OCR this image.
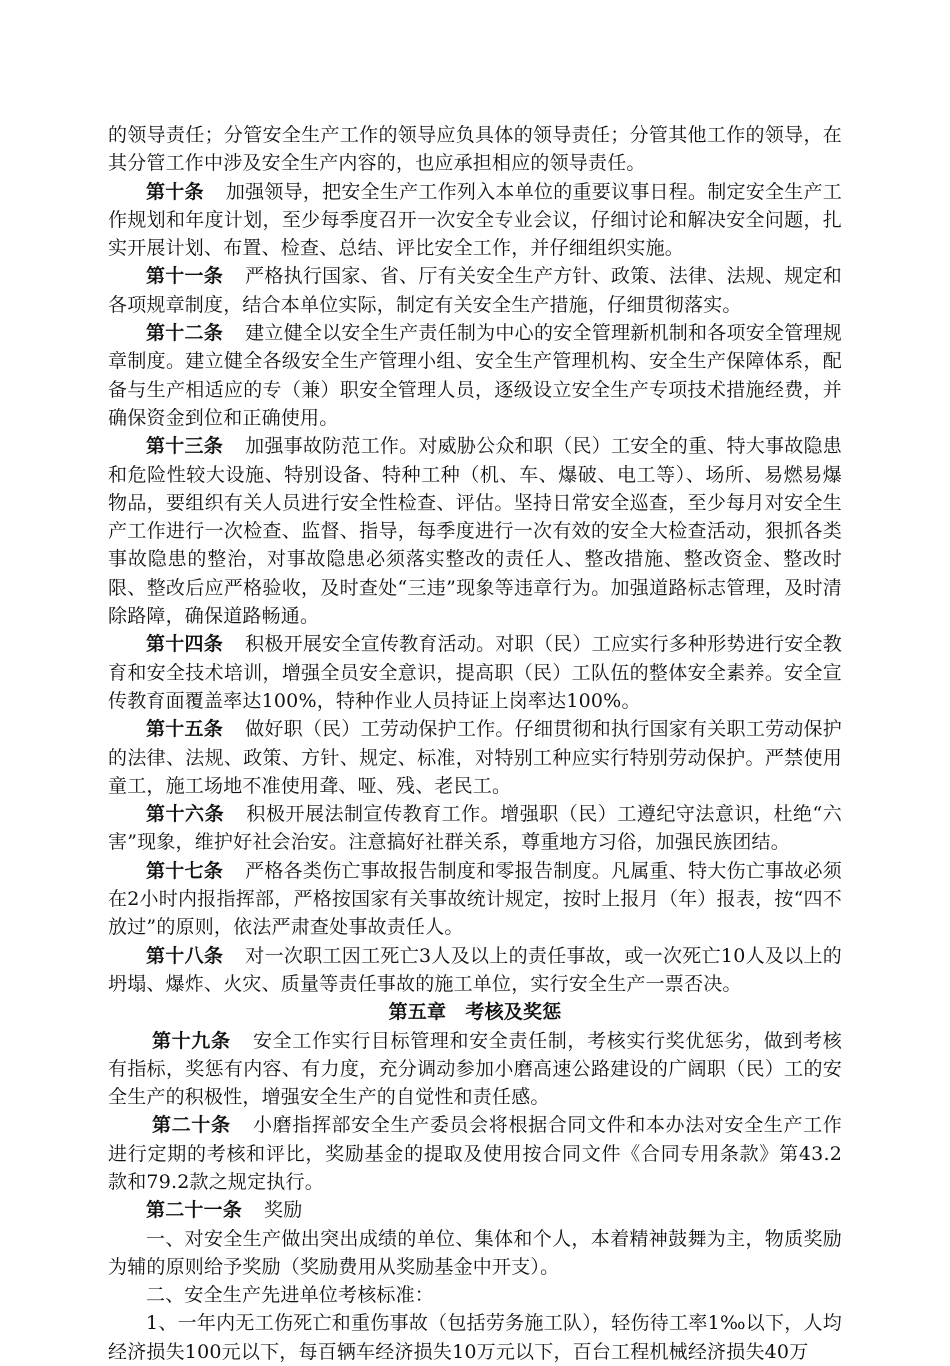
的领导责任；分管安全生产工作的领导应负具体的领导责任；分管其他工作的领导，在其分管工作中涉及安全生产内容的，也应承担相应的领导责任。

第十条 加强领导，把安全生产工作列入本单位的重要议事日程。制定安全生产工作规划和年度计划，至少每季度召开一次安全专业会议，仔细讨论和解决安全问题，扎实开展计划、布置、检查、总结、评比安全工作，并仔细组织实施。

第十一条 严格执行国家、省、厅有关安全生产方针、政策、法律、法规、规定和各项规章制度，结合本单位实际，制定有关安全生产措施，仔细贯彻落实。

第十二条 建立健全以安全生产责任制为中心的安全管理新机制和各项安全管理规章制度。建立健全各级安全生产管理小组、安全生产管理机构、安全生产保障体系，配备与生产相适应的专（兼）职安全管理人员，逐级设立安全生产专项技术措施经费，并确保资金到位和正确使用。

第十三条 加强事故防范工作。对威胁公众和职（民）工安全的重、特大事故隐患和危险性较大设施、特别设备、特种工种（机、车、爆破、电工等）、场所、易燃易爆物品，要组织有关人员进行安全性检查、评估。坚持日常安全巡查，至少每月对安全生产工作进行一次检查、监督、指导，每季度进行一次有效的安全大检查活动，狠抓各类事故隐患的整治，对事故隐患必须落实整改的责任人、整改措施、整改资金、整改时限、整改后应严格验收，及时查处“三违”现象等违章行为。加强道路标志管理，及时清除路障，确保道路畅通。

第十四条 积极开展安全宣传教育活动。对职（民）工应实行多种形势进行安全教育和安全技术培训，增强全员安全意识，提高职（民）工队伍的整体安全素养。安全宣传教育面覆盖率达100%，特种作业人员持证上岗率达100%。

第十五条 做好职（民）工劳动保护工作。仔细贯彻和执行国家有关职工劳动保护的法律、法规、政策、方针、规定、标准，对特别工种应实行特别劳动保护。严禁使用童工，施工场地不准使用聋、哑、残、老民工。

第十六条 积极开展法制宣传教育工作。增强职（民）工遵纪守法意识，杜绝“六害”现象，维护好社会治安。注意搞好社群关系，尊重地方习俗，加强民族团结。

第十七条 严格各类伤亡事故报告制度和零报告制度。凡属重、特大伤亡事故必须在2小时内报指挥部，严格按国家有关事故统计规定，按时上报月（年）报表，按“四不放过”的原则，依法严肃查处事故责任人。

第十八条 对一次职工因工死亡3人及以上的责任事故，或一次死亡10人及以上的坍塌、爆炸、火灾、质量等责任事故的施工单位，实行安全生产一票否决。

第五章　考核及奖惩

第十九条 安全工作实行目标管理和安全责任制，考核实行奖优惩劣，做到考核有指标，奖惩有内容、有力度，充分调动参加小磨高速公路建设的广阔职（民）工的安全生产的积极性，增强安全生产的自觉性和责任感。

第二十条 小磨指挥部安全生产委员会将根据合同文件和本办法对安全生产工作进行定期的考核和评比，奖励基金的提取及使用按合同文件《合同专用条款》第43.2款和79.2款之规定执行。

第二十一条 奖励

一、对安全生产做出突出成绩的单位、集体和个人，本着精神鼓舞为主，物质奖励为辅的原则给予奖励（奖励费用从奖励基金中开支）。

二、安全生产先进单位考核标准：

1、一年内无工伤死亡和重伤事故（包括劳务施工队），轻伤待工率1‰以下，人均经济损失100元以下，每百辆车经济损失10万元以下，百台工程机械经济损失40万
